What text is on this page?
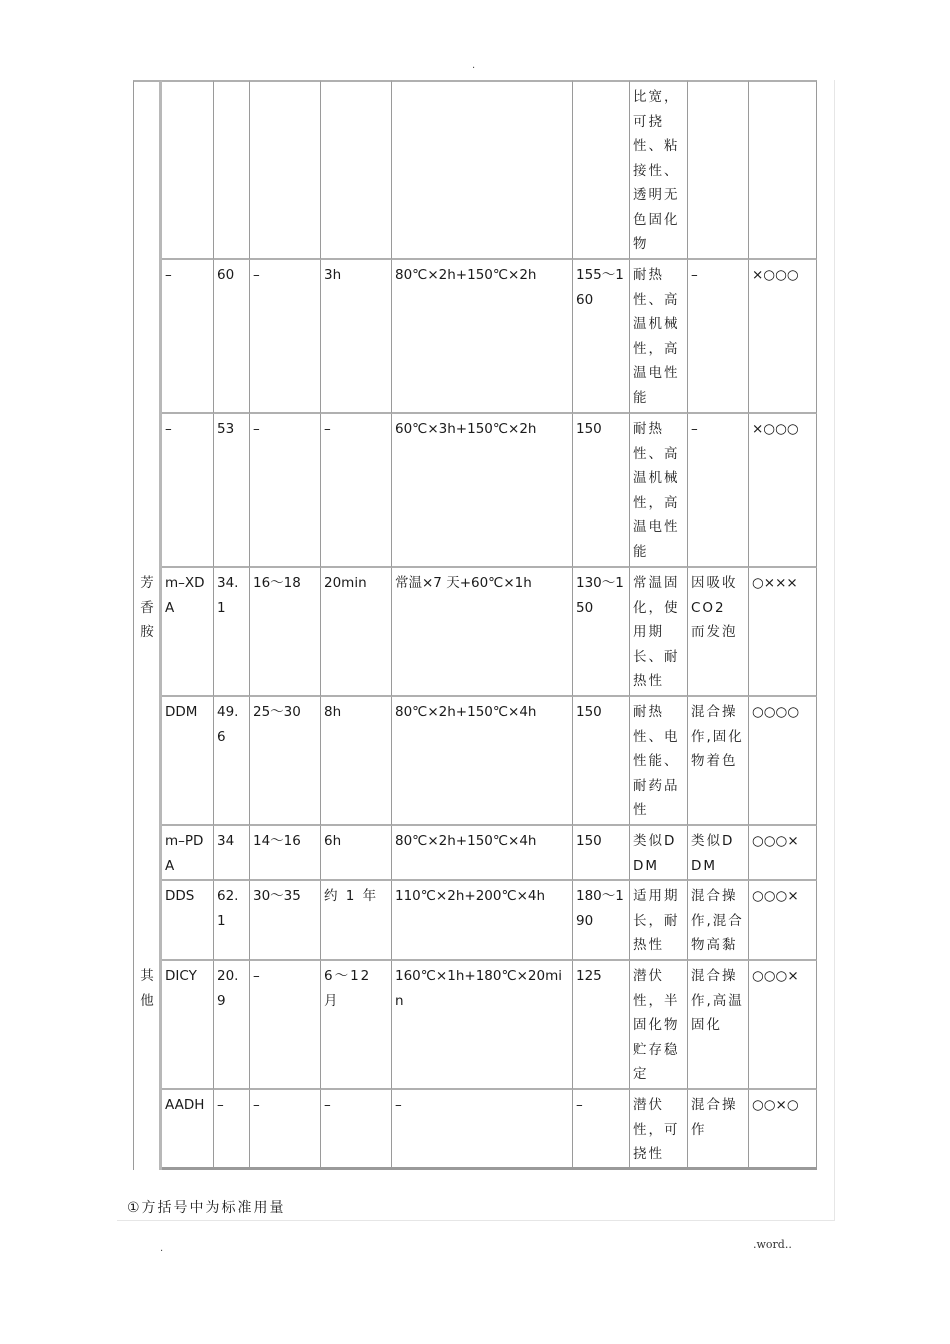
.
							比宽，可挠性、粘接性、透明无色固化物		
	–	60	–	3h	80℃×2h+150℃×2h	155～160	耐热性、高温机械性，高温电性能	–	×○○○
	–	53	–	–	60℃×3h+150℃×2h	150	耐热性、高温机械性，高温电性能	–	×○○○
芳香胺	m–XDA	34.1	16～18	20min	常温×7 天+60℃×1h	130～150	常温固化，使用期长、耐热性	因吸收CO2 而发泡	○×××
	DDM	49.6	25～30	8h	80℃×2h+150℃×4h	150	耐热性、电性能、耐药品性	混合操作,固化物着色	○○○○
	m–PDA	34	14～16	6h	80℃×2h+150℃×4h	150	类似DDM	类似DDM	○○○×
	DDS	62.1	30～35	约 1 年	110℃×2h+200℃×4h	180～190	适用期长，耐热性	混合操作,混合物高黏	○○○×
其他	DICY	20.9	–	6～12 月	160℃×1h+180℃×20min	125	潜伏性，半固化物贮存稳定	混合操作,高温固化	○○○×
	AADH	–	–	–	–	–	潜伏性，可挠性	混合操作	○○×○
①方括号中为标准用量
.	.word..
